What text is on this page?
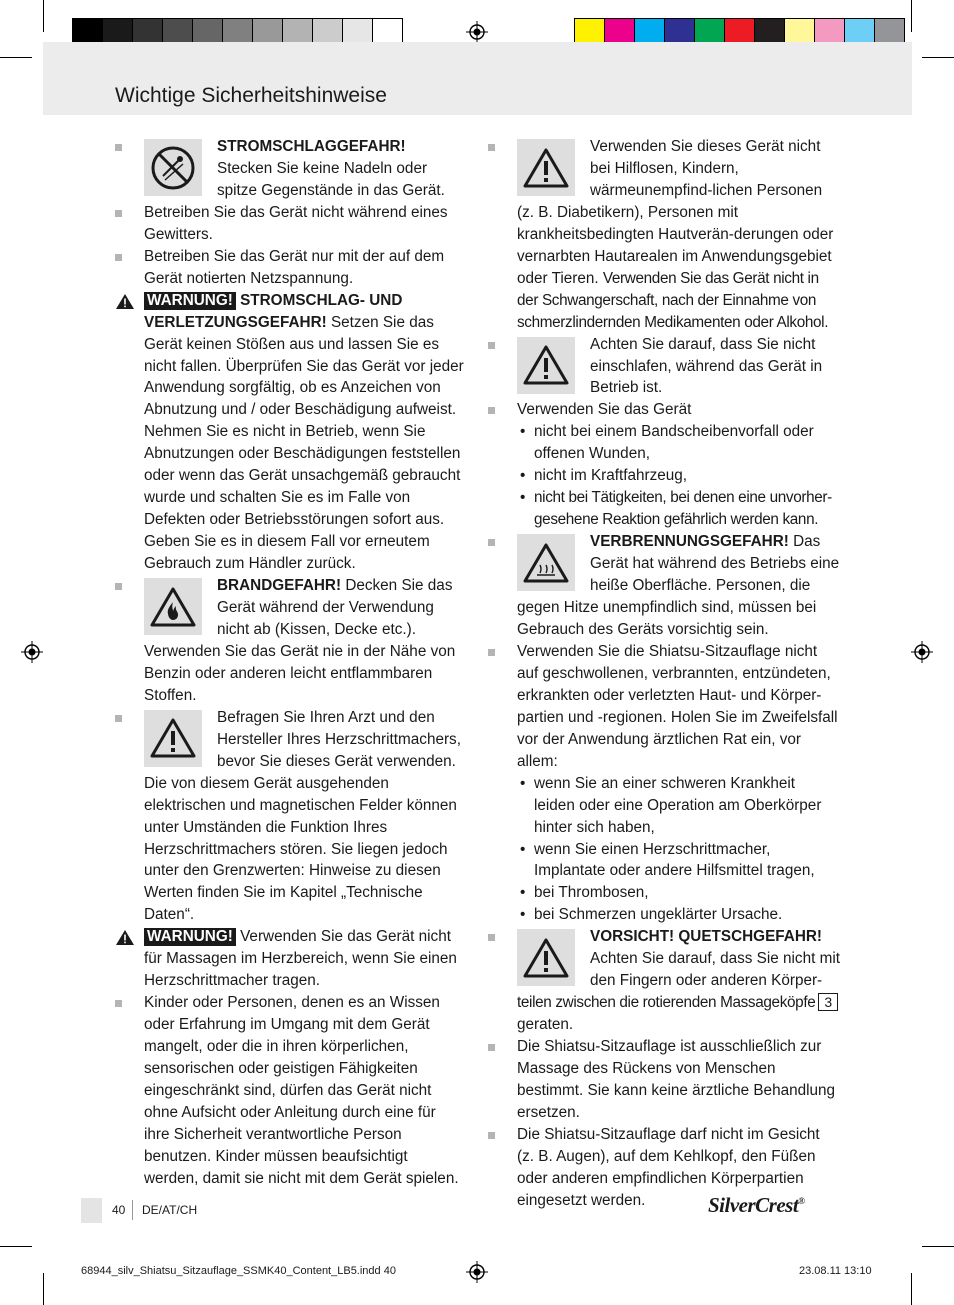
Wichtige Sicherheitshinweise
STROMSCHLAGGEFAHR!
Stecken Sie keine Nadeln oder spitze Gegenstände in das Gerät.
Betreiben Sie das Gerät nicht während eines Gewitters.
Betreiben Sie das Gerät nur mit der auf dem Gerät notierten Netzspannung.
WARNUNG! STROMSCHLAG- UND VERLETZUNGSGEFAHR! Setzen Sie das Gerät keinen Stößen aus und lassen Sie es nicht fallen. Überprüfen Sie das Gerät vor jeder Anwendung sorgfältig, ob es Anzeichen von Abnutzung und / oder Beschädigung aufweist. Nehmen Sie es nicht in Betrieb, wenn Sie Abnutzungen oder Beschädigungen feststellen oder wenn das Gerät unsachgemäß gebraucht wurde und schalten Sie es im Falle von Defekten oder Betriebsstörungen sofort aus. Geben Sie es in diesem Fall vor erneutem Gebrauch zum Händler zurück.
BRANDGEFAHR! Decken Sie das Gerät während der Verwendung nicht ab (Kissen, Decke etc.). Verwenden Sie das Gerät nie in der Nähe von Benzin oder anderen leicht entflammbaren Stoffen.
Befragen Sie Ihren Arzt und den Hersteller Ihres Herzschrittmachers, bevor Sie dieses Gerät verwenden. Die von diesem Gerät ausgehenden elektrischen und magnetischen Felder können unter Umständen die Funktion Ihres Herzschrittmachers stören. Sie liegen jedoch unter den Grenzwerten: Hinweise zu diesen Werten finden Sie im Kapitel „Technische Daten“.
WARNUNG! Verwenden Sie das Gerät nicht für Massagen im Herzbereich, wenn Sie einen Herzschrittmacher tragen.
Kinder oder Personen, denen es an Wissen oder Erfahrung im Umgang mit dem Gerät mangelt, oder die in ihren körperlichen, sensorischen oder geistigen Fähigkeiten eingeschränkt sind, dürfen das Gerät nicht ohne Aufsicht oder Anleitung durch eine für ihre Sicherheit verantwortliche Person benutzen. Kinder müssen beaufsichtigt werden, damit sie nicht mit dem Gerät spielen.
Verwenden Sie dieses Gerät nicht bei Hilflosen, Kindern, wärmeunempfind-lichen Personen (z. B. Diabetikern), Personen mit krankheitsbedingten Hautverän-derungen oder vernarbten Hautarealen im Anwendungsgebiet oder Tieren. Verwenden Sie das Gerät nicht in der Schwangerschaft, nach der Einnahme von schmerzlindernden Medikamenten oder Alkohol.
Achten Sie darauf, dass Sie nicht einschlafen, während das Gerät in Betrieb ist.
Verwenden Sie das Gerät
• nicht bei einem Bandscheibenvorfall oder offenen Wunden,
• nicht im Kraftfahrzeug,
• nicht bei Tätigkeiten, bei denen eine unvorher-gesehene Reaktion gefährlich werden kann.
VERBRENNUNGSGEFAHR! Das Gerät hat während des Betriebs eine heiße Oberfläche. Personen, die gegen Hitze unempfindlich sind, müssen bei Gebrauch des Geräts vorsichtig sein.
Verwenden Sie die Shiatsu-Sitzauflage nicht auf geschwollenen, verbrannten, entzündeten, erkrankten oder verletzten Haut- und Körper-partien und -regionen. Holen Sie im Zweifelsfall vor der Anwendung ärztlichen Rat ein, vor allem:
• wenn Sie an einer schweren Krankheit leiden oder eine Operation am Oberkörper hinter sich haben,
• wenn Sie einen Herzschrittmacher, Implantate oder andere Hilfsmittel tragen,
• bei Thrombosen,
• bei Schmerzen ungeklärter Ursache.
VORSICHT! QUETSCHGEFAHR!
Achten Sie darauf, dass Sie nicht mit den Fingern oder anderen Körper- teilen zwischen die rotierenden Massageköpfe 3 geraten.
Die Shiatsu-Sitzauflage ist ausschließlich zur Massage des Rückens von Menschen bestimmt. Sie kann keine ärztliche Behandlung ersetzen.
Die Shiatsu-Sitzauflage darf nicht im Gesicht (z. B. Augen), auf dem Kehlkopf, den Füßen oder anderen empfindlichen Körperpartien eingesetzt werden.
40 DE/AT/CH	SilverCrest®
68944_silv_Shiatsu_Sitzauflage_SSMK40_Content_LB5.indd 40	23.08.11 13:10
